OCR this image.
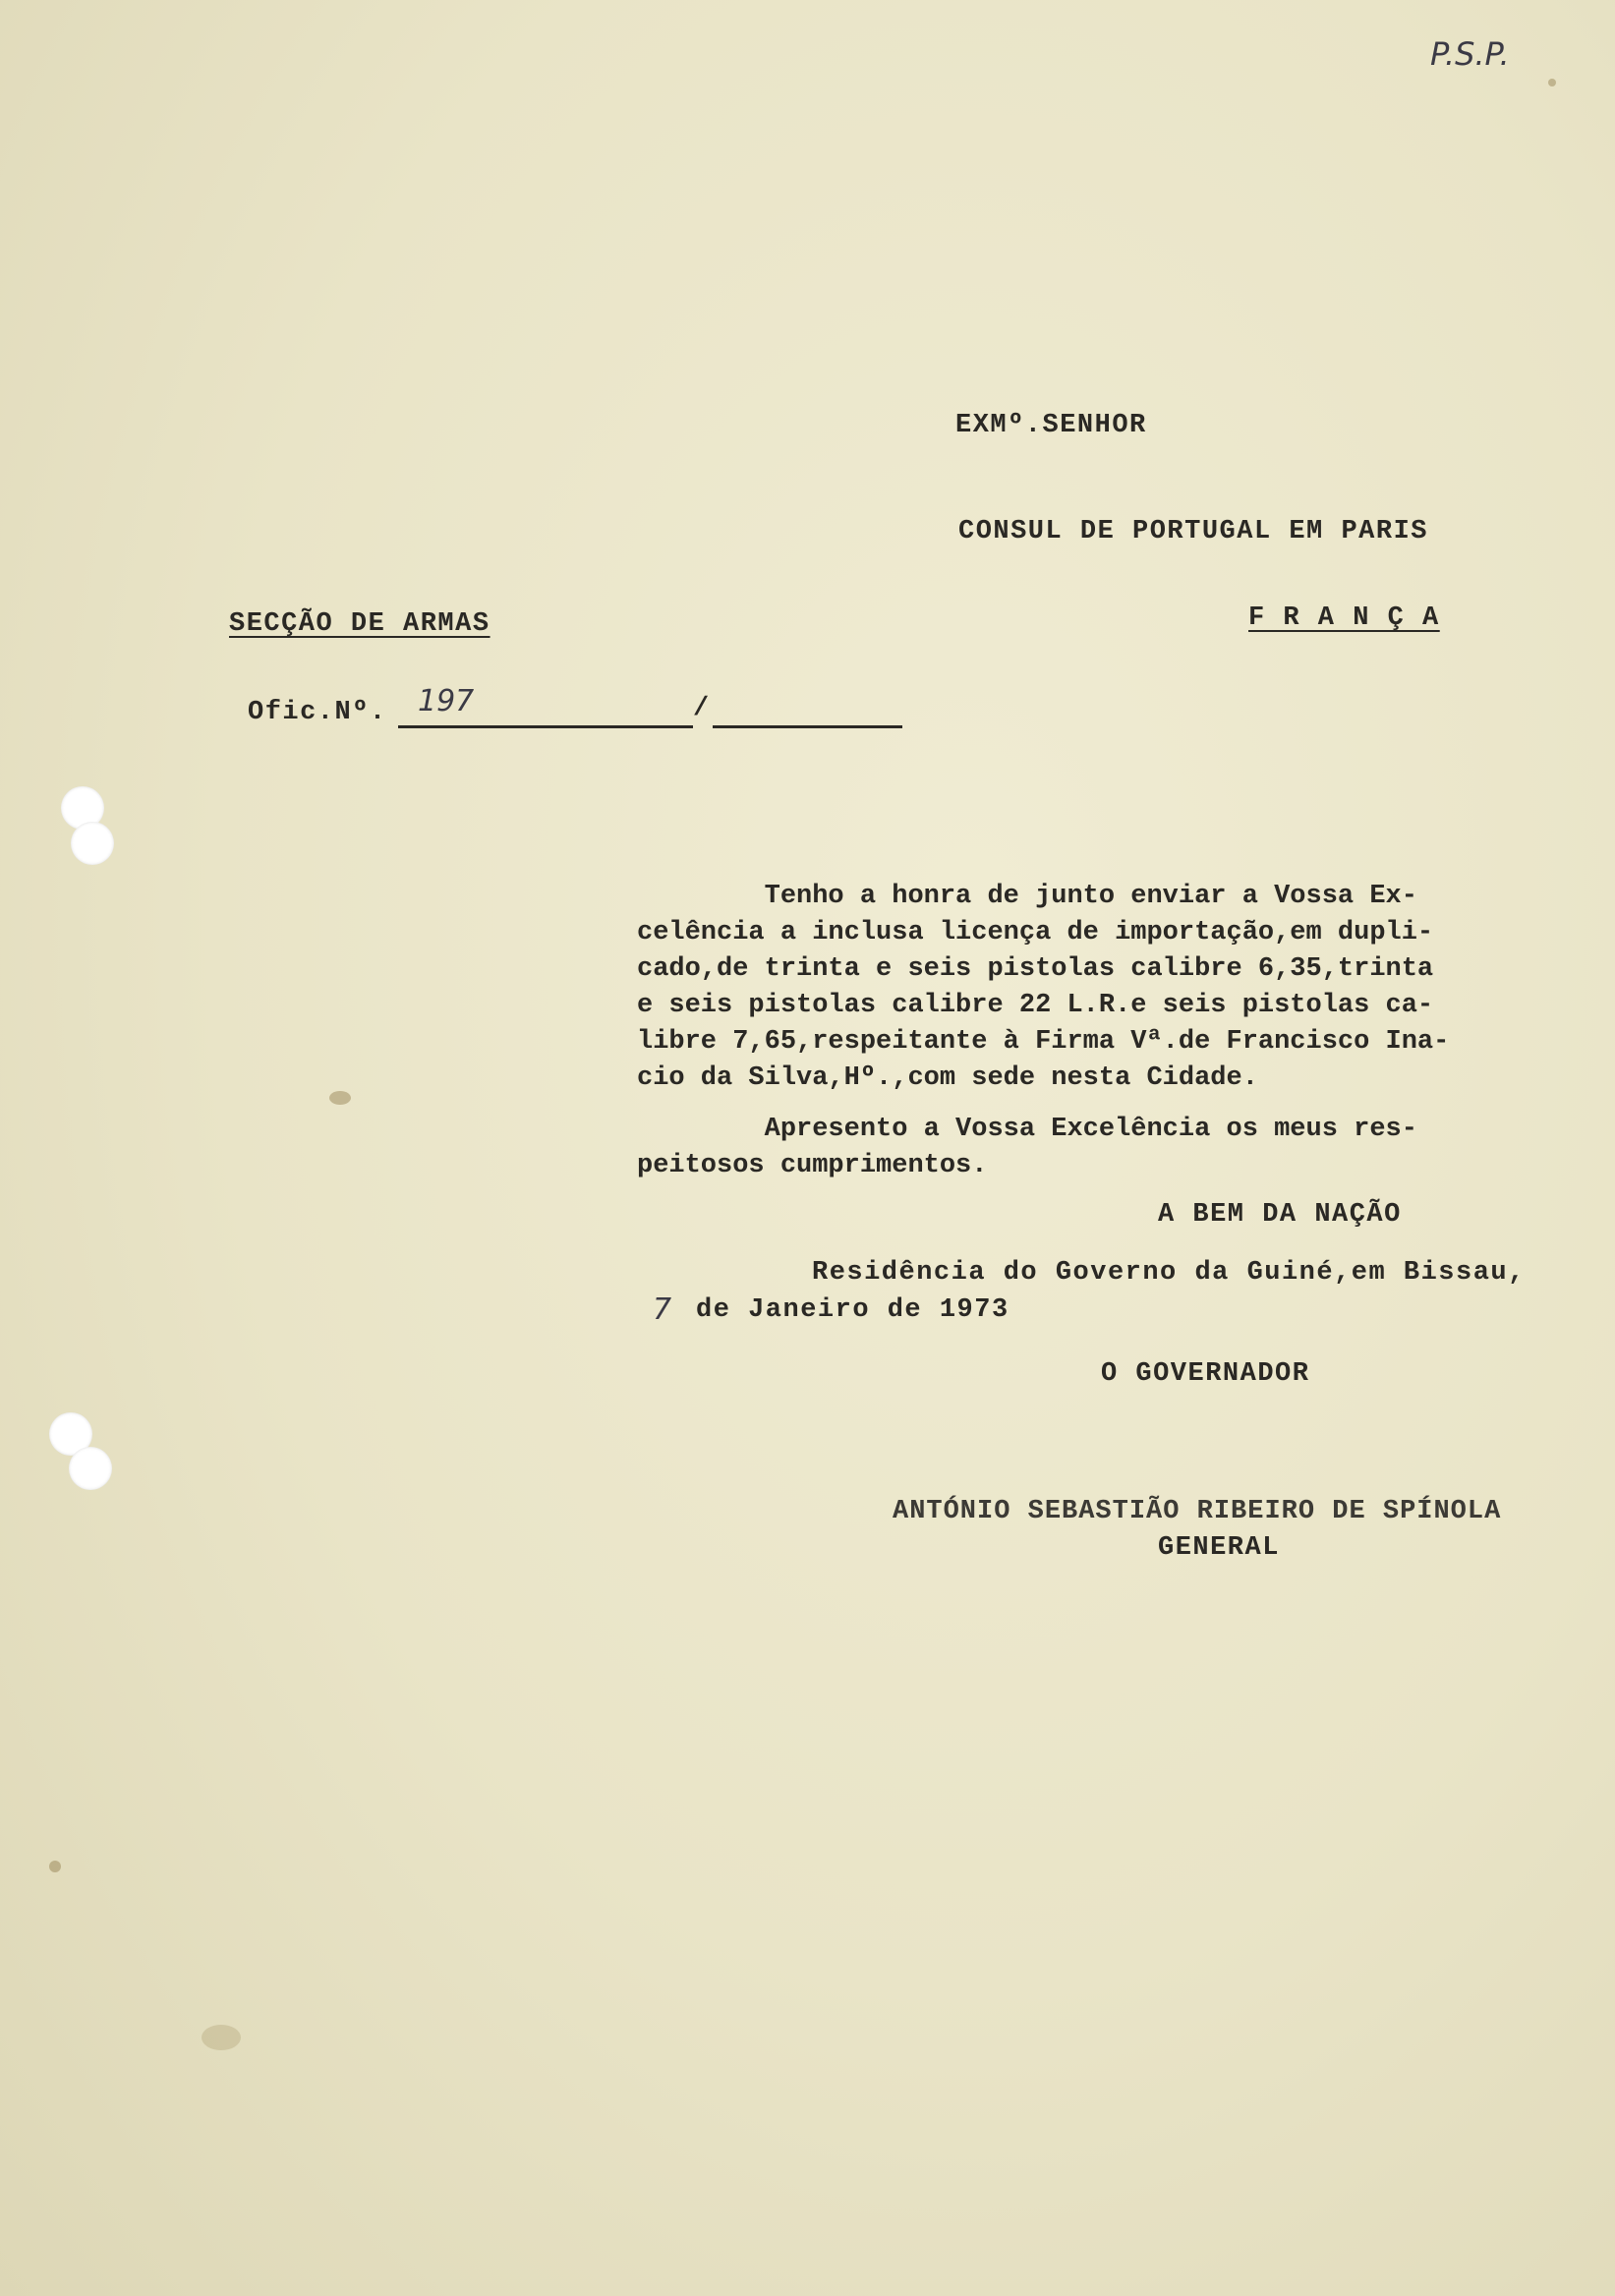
P.S.P.
EXMº.SENHOR
CONSUL DE PORTUGAL EM PARIS
SECÇÃO DE ARMAS	F R A N Ç A
Ofic.Nº. 197	/
Tenho a honra de junto enviar a Vossa Ex-
celência a inclusa licença de importação,em dupli-
cado,de trinta e seis pistolas calibre 6,35,trinta
e seis pistolas calibre 22 L.R.e seis pistolas ca-
libre 7,65,respeitante à Firma Vª.de Francisco Ina-
cio da Silva,Hº.,com sede nesta Cidade.
Apresento a Vossa Excelência os meus res-
peitosos cumprimentos.
A BEM DA NAÇÃO
Residência do Governo da Guiné,em Bissau,
7 de Janeiro de 1973
O GOVERNADOR
ANTÓNIO SEBASTIÃO RIBEIRO DE SPÍNOLA
GENERAL
